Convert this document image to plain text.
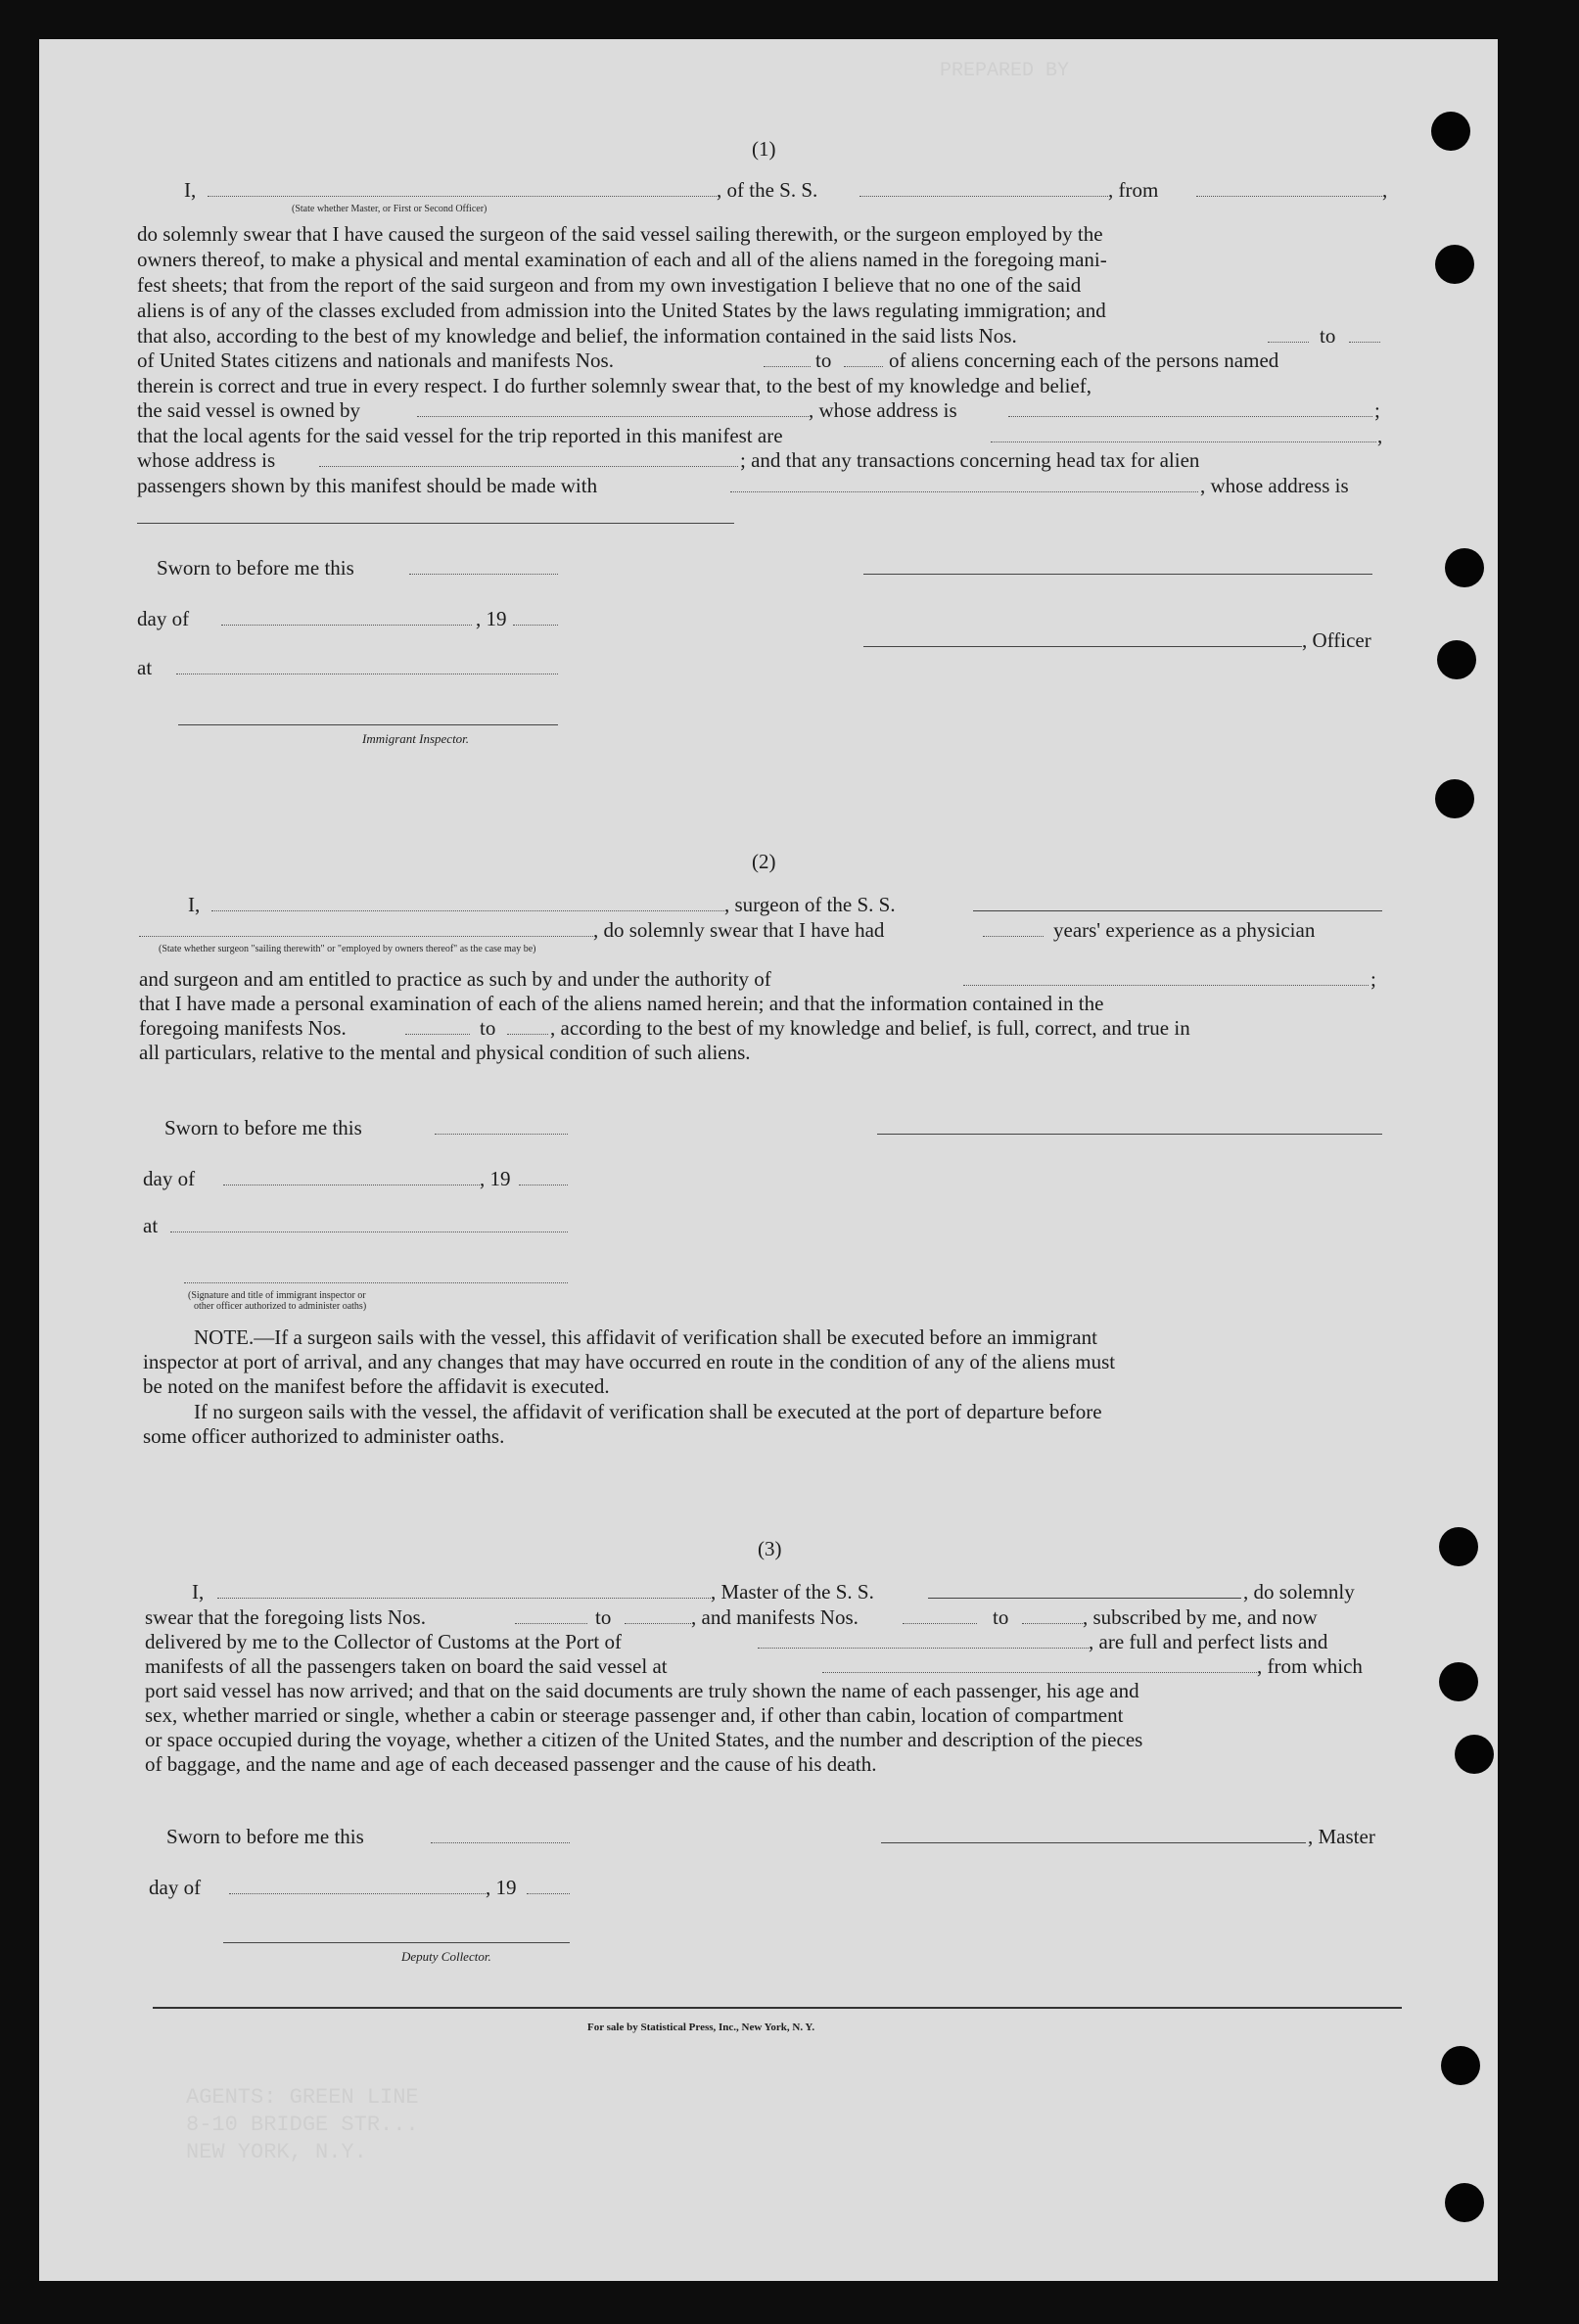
PREPARED BY
AGENTS: GREEN LINE
8-10 BRIDGE STR...
NEW YORK, N.Y.
(1)
I,	, of the S. S.	, from	,
(State whether Master, or First or Second Officer)
do solemnly swear that I have caused the surgeon of the said vessel sailing therewith, or the surgeon employed by the
owners thereof, to make a physical and mental examination of each and all of the aliens named in the foregoing mani-
fest sheets; that from the report of the said surgeon and from my own investigation I believe that no one of the said
aliens is of any of the classes excluded from admission into the United States by the laws regulating immigration; and
that also, according to the best of my knowledge and belief, the information contained in the said lists Nos.	to
of United States citizens and nationals and manifests Nos.	to	of aliens concerning each of the persons named
therein is correct and true in every respect. I do further solemnly swear that, to the best of my knowledge and belief,
the said vessel is owned by	, whose address is	;
that the local agents for the said vessel for the trip reported in this manifest are	,
whose address is	; and that any transactions concerning head tax for alien
passengers shown by this manifest should be made with	, whose address is
Sworn to before me this
day of	, 19
, Officer
at
Immigrant Inspector.
(2)
I,	, surgeon of the S. S.
, do solemnly swear that I have had	years' experience as a physician
(State whether surgeon "sailing therewith" or "employed by owners thereof" as the case may be)
and surgeon and am entitled to practice as such by and under the authority of	;
that I have made a personal examination of each of the aliens named herein; and that the information contained in the
foregoing manifests Nos.	to	, according to the best of my knowledge and belief, is full, correct, and true in
all particulars, relative to the mental and physical condition of such aliens.
Sworn to before me this
day of	, 19
at
(Signature and title of immigrant inspector or
other officer authorized to administer oaths)
NOTE.—If a surgeon sails with the vessel, this affidavit of verification shall be executed before an immigrant
inspector at port of arrival, and any changes that may have occurred en route in the condition of any of the aliens must
be noted on the manifest before the affidavit is executed.
If no surgeon sails with the vessel, the affidavit of verification shall be executed at the port of departure before
some officer authorized to administer oaths.
(3)
I,	, Master of the S. S.	, do solemnly
swear that the foregoing lists Nos.	to	, and manifests Nos.	to	, subscribed by me, and now
delivered by me to the Collector of Customs at the Port of	, are full and perfect lists and
manifests of all the passengers taken on board the said vessel at	, from which
port said vessel has now arrived; and that on the said documents are truly shown the name of each passenger, his age and
sex, whether married or single, whether a cabin or steerage passenger and, if other than cabin, location of compartment
or space occupied during the voyage, whether a citizen of the United States, and the number and description of the pieces
of baggage, and the name and age of each deceased passenger and the cause of his death.
Sworn to before me this	, Master
day of	, 19
Deputy Collector.
For sale by Statistical Press, Inc., New York, N. Y.
